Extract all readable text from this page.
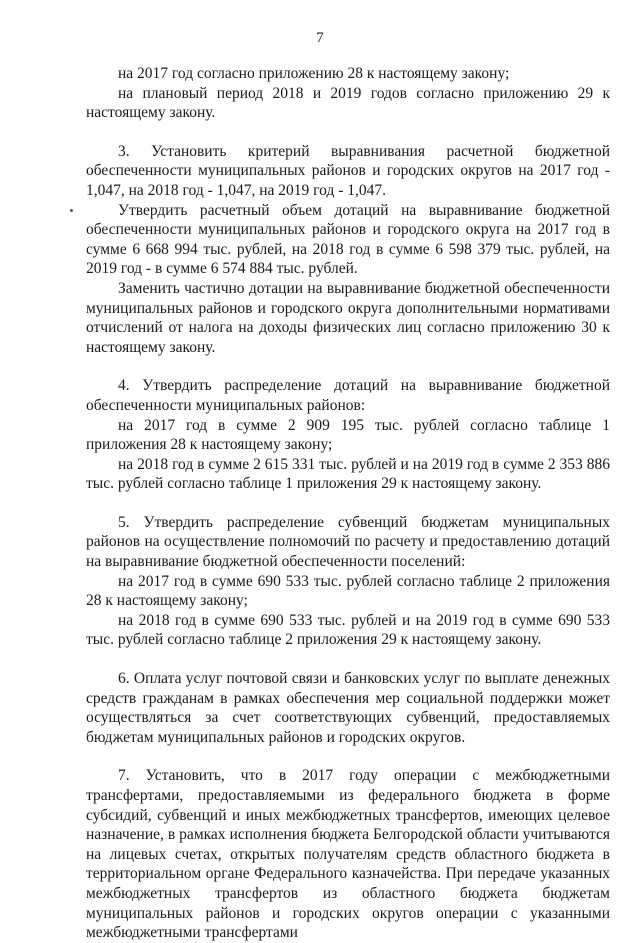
7

на 2017 год согласно приложению 28 к настоящему закону;

на плановый период 2018 и 2019 годов согласно приложению 29 к настоящему закону.

3. Установить критерий выравнивания расчетной бюджетной обеспеченности муниципальных районов и городских округов на 2017 год - 1,047, на 2018 год - 1,047, на 2019 год - 1,047.

Утвердить расчетный объем дотаций на выравнивание бюджетной обеспеченности муниципальных районов и городского округа на 2017 год в сумме 6 668 994 тыс. рублей, на 2018 год в сумме 6 598 379 тыс. рублей, на 2019 год - в сумме 6 574 884 тыс. рублей.

Заменить частично дотации на выравнивание бюджетной обеспеченности муниципальных районов и городского округа дополнительными нормативами отчислений от налога на доходы физических лиц согласно приложению 30 к настоящему закону.

4. Утвердить распределение дотаций на выравнивание бюджетной обеспеченности муниципальных районов:

на 2017 год в сумме 2 909 195 тыс. рублей согласно таблице 1 приложения 28 к настоящему закону;

на 2018 год в сумме 2 615 331 тыс. рублей и на 2019 год в сумме 2 353 886 тыс. рублей согласно таблице 1 приложения 29 к настоящему закону.

5. Утвердить распределение субвенций бюджетам муниципальных районов на осуществление полномочий по расчету и предоставлению дотаций на выравнивание бюджетной обеспеченности поселений:

на 2017 год в сумме 690 533 тыс. рублей согласно таблице 2 приложения 28 к настоящему закону;

на 2018 год в сумме 690 533 тыс. рублей и на 2019 год в сумме 690 533 тыс. рублей согласно таблице 2 приложения 29 к настоящему закону.

6. Оплата услуг почтовой связи и банковских услуг по выплате денежных средств гражданам в рамках обеспечения мер социальной поддержки может осуществляться за счет соответствующих субвенций, предоставляемых бюджетам муниципальных районов и городских округов.

7. Установить, что в 2017 году операции с межбюджетными трансфертами, предоставляемыми из федерального бюджета в форме субсидий, субвенций и иных межбюджетных трансфертов, имеющих целевое назначение, в рамках исполнения бюджета Белгородской области учитываются на лицевых счетах, открытых получателям средств областного бюджета в территориальном органе Федерального казначейства. При передаче указанных межбюджетных трансфертов из областного бюджета бюджетам муниципальных районов и городских округов операции с указанными межбюджетными трансфертами
